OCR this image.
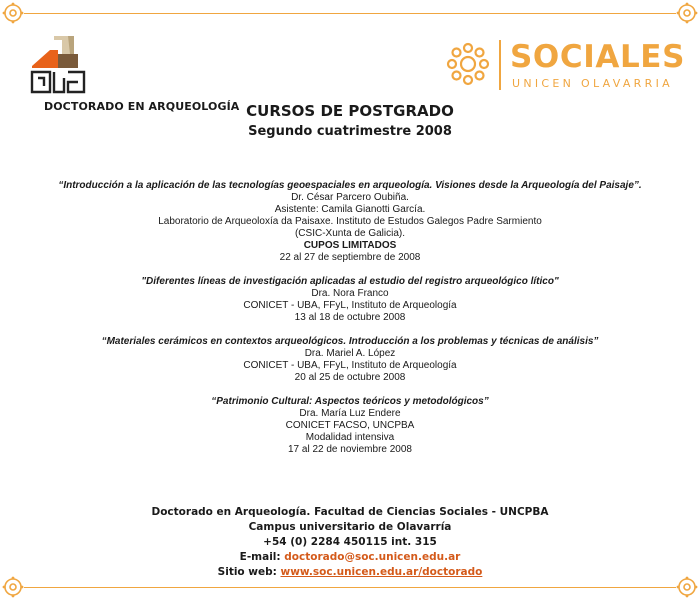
DOCTORADO EN ARQUEOLOGÍA
SOCIALES
UNICEN OLAVARRIA
CURSOS DE POSTGRADO
Segundo cuatrimestre 2008
“Introducción a la aplicación de las tecnologías geoespaciales en arqueología. Visiones desde la Arqueología del Paisaje”.
Dr. César Parcero Oubiña.
Asistente: Camila Gianotti García.
Laboratorio de Arqueoloxía da Paisaxe. Instituto de Estudos Galegos Padre Sarmiento
(CSIC-Xunta de Galicia).
CUPOS LIMITADOS
22 al 27 de septiembre de 2008
"Diferentes líneas de investigación aplicadas al estudio del registro arqueológico lítico"
Dra. Nora Franco
CONICET - UBA, FFyL, Instituto de Arqueología
13 al 18 de octubre 2008
“Materiales cerámicos en contextos arqueológicos. Introducción a los problemas y técnicas de análisis”
Dra. Mariel A. López
CONICET - UBA, FFyL, Instituto de Arqueología
20 al 25 de octubre 2008
“Patrimonio Cultural: Aspectos teóricos y metodológicos”
Dra. María Luz Endere
CONICET FACSO, UNCPBA
Modalidad intensiva
17 al 22 de noviembre 2008
Doctorado en Arqueología. Facultad de Ciencias Sociales - UNCPBA
Campus universitario de Olavarría
+54 (0) 2284 450115 int. 315
E-mail: doctorado@soc.unicen.edu.ar
Sitio web: www.soc.unicen.edu.ar/doctorado
